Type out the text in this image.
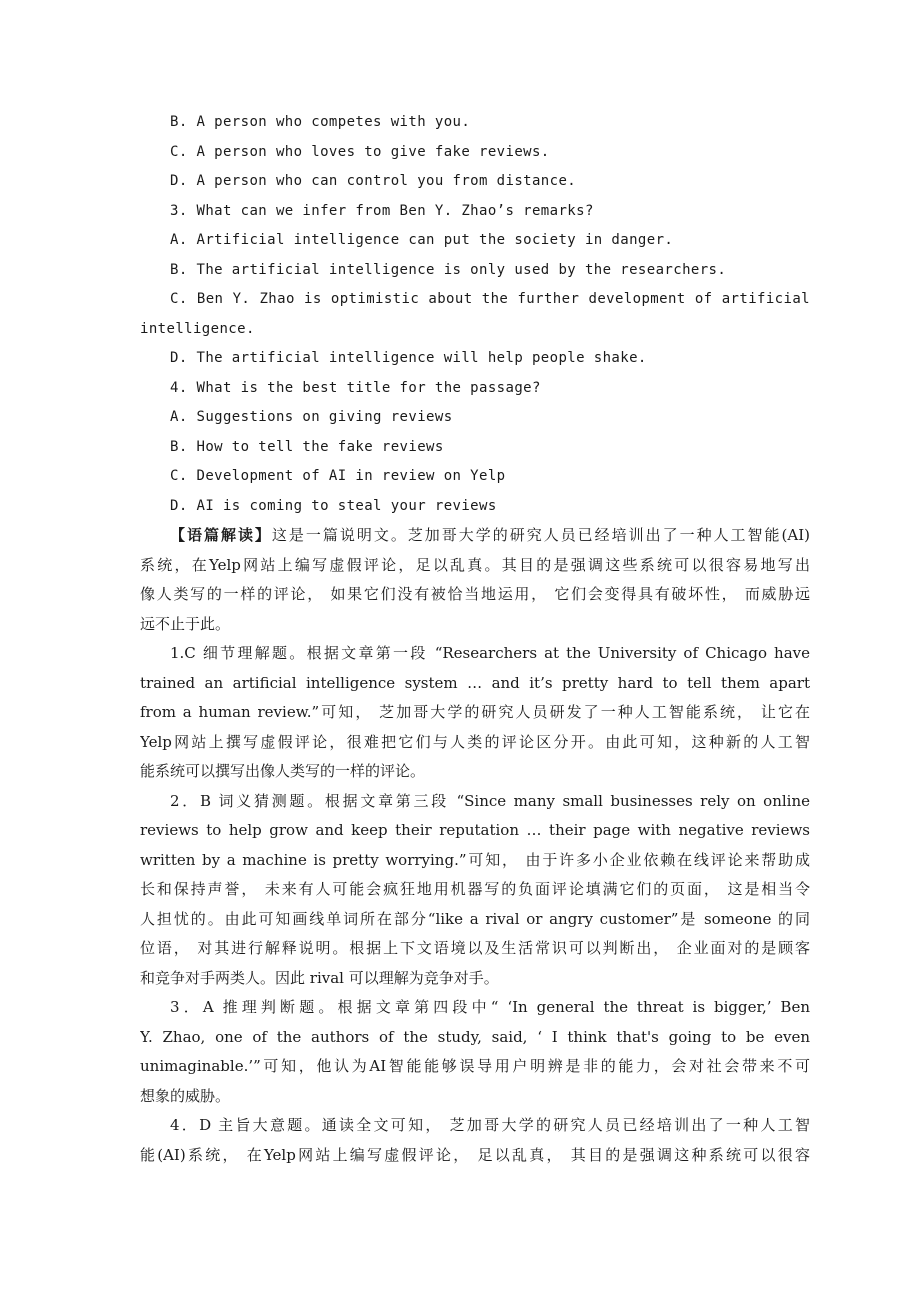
B. A person who competes with you.

C. A person who loves to give fake reviews.

D. A person who can control you from distance.

3. What can we infer from Ben Y. Zhao’s remarks?

A. Artificial intelligence can put the society in danger.

B. The artificial intelligence is only used by the researchers.

C. Ben Y. Zhao is optimistic about the further development of artificial

intelligence.

D. The artificial intelligence will help people shake.

4. What is the best title for the passage?

A. Suggestions on giving reviews

B. How to tell the fake reviews

C. Development of AI in review on Yelp

D. AI is coming to steal your reviews

【语篇解读】这是一篇说明文。芝加哥大学的研究人员已经培训出了一种人工智能(AI)

系统，在Yelp网站上编写虚假评论，足以乱真。其目的是强调这些系统可以很容易地写出

像人类写的一样的评论， 如果它们没有被恰当地运用， 它们会变得具有破坏性， 而威胁远

远不止于此。

1.C 细节理解题。根据文章第一段 “Researchers at the University of Chicago have

trained an artificial intelligence system … and it’s pretty hard to tell them apart

from a human review.”可知， 芝加哥大学的研究人员研发了一种人工智能系统， 让它在

Yelp网站上撰写虚假评论，很难把它们与人类的评论区分开。由此可知，这种新的人工智

能系统可以撰写出像人类写的一样的评论。

2．B 词义猜测题。根据文章第三段 “Since many small businesses rely on online

reviews to help grow and keep their reputation … their page with negative reviews

written by a machine is pretty worrying.”可知， 由于许多小企业依赖在线评论来帮助成

长和保持声誉， 未来有人可能会疯狂地用机器写的负面评论填满它们的页面， 这是相当令

人担忧的。由此可知画线单词所在部分“like a rival or angry customer”是 someone 的同

位语， 对其进行解释说明。根据上下文语境以及生活常识可以判断出， 企业面对的是顾客

和竞争对手两类人。因此 rival 可以理解为竞争对手。

3．A 推理判断题。根据文章第四段中“ ‘In general the threat is bigger,’ Ben

Y. Zhao, one of the authors of the study, said, ‘ I think that's going to be even

unimaginable.’”可知，他认为AI智能能够误导用户明辨是非的能力，会对社会带来不可

想象的威胁。

4．D 主旨大意题。通读全文可知， 芝加哥大学的研究人员已经培训出了一种人工智

能(AI)系统， 在Yelp网站上编写虚假评论， 足以乱真， 其目的是强调这种系统可以很容
